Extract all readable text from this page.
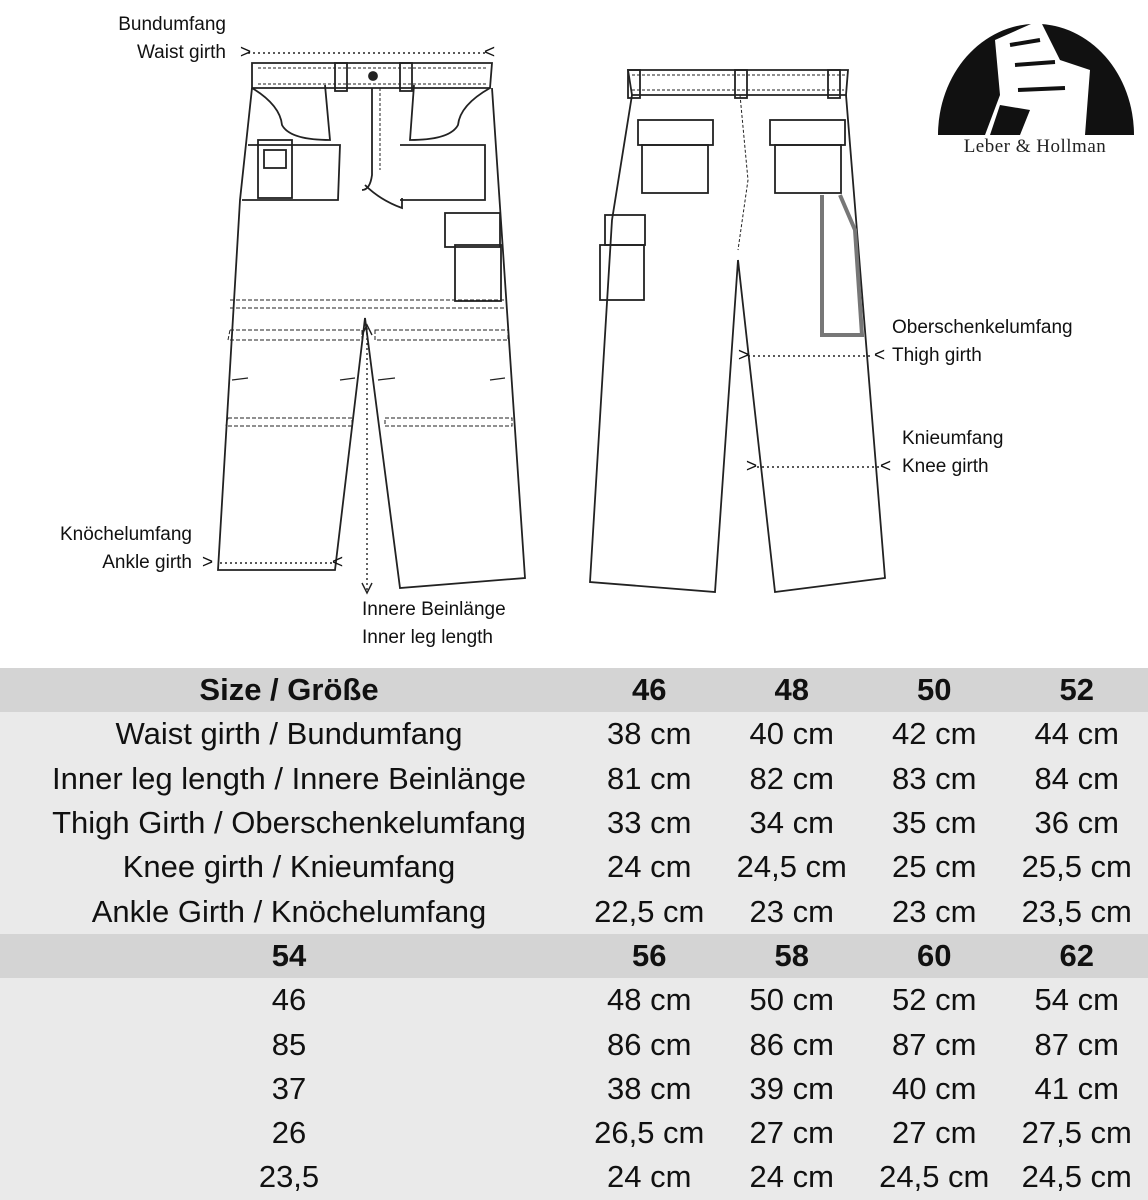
Bundumfang
Waist girth >	<
Knöchelumfang
Ankle girth >	<
Innere Beinlänge
Inner leg length
Oberschenkelumfang
< Thigh girth
>
Knieumfang
< Knee girth
>
Leber & Hollman
Size / Größe	46	48	50	52
Waist girth / Bundumfang	38 cm	40 cm	42 cm	44 cm
Inner leg length / Innere Beinlänge	81 cm	82 cm	83 cm	84 cm
Thigh Girth / Oberschenkelumfang	33 cm	34 cm	35 cm	36 cm
Knee girth / Knieumfang	24 cm	24,5 cm	25 cm	25,5 cm
Ankle Girth / Knöchelumfang	22,5 cm	23 cm	23 cm	23,5 cm
54	56	58	60	62
46	48 cm	50 cm	52 cm	54 cm
85	86 cm	86 cm	87 cm	87 cm
37	38 cm	39 cm	40 cm	41 cm
26	26,5 cm	27 cm	27 cm	27,5 cm
23,5	24 cm	24 cm	24,5 cm	24,5 cm
